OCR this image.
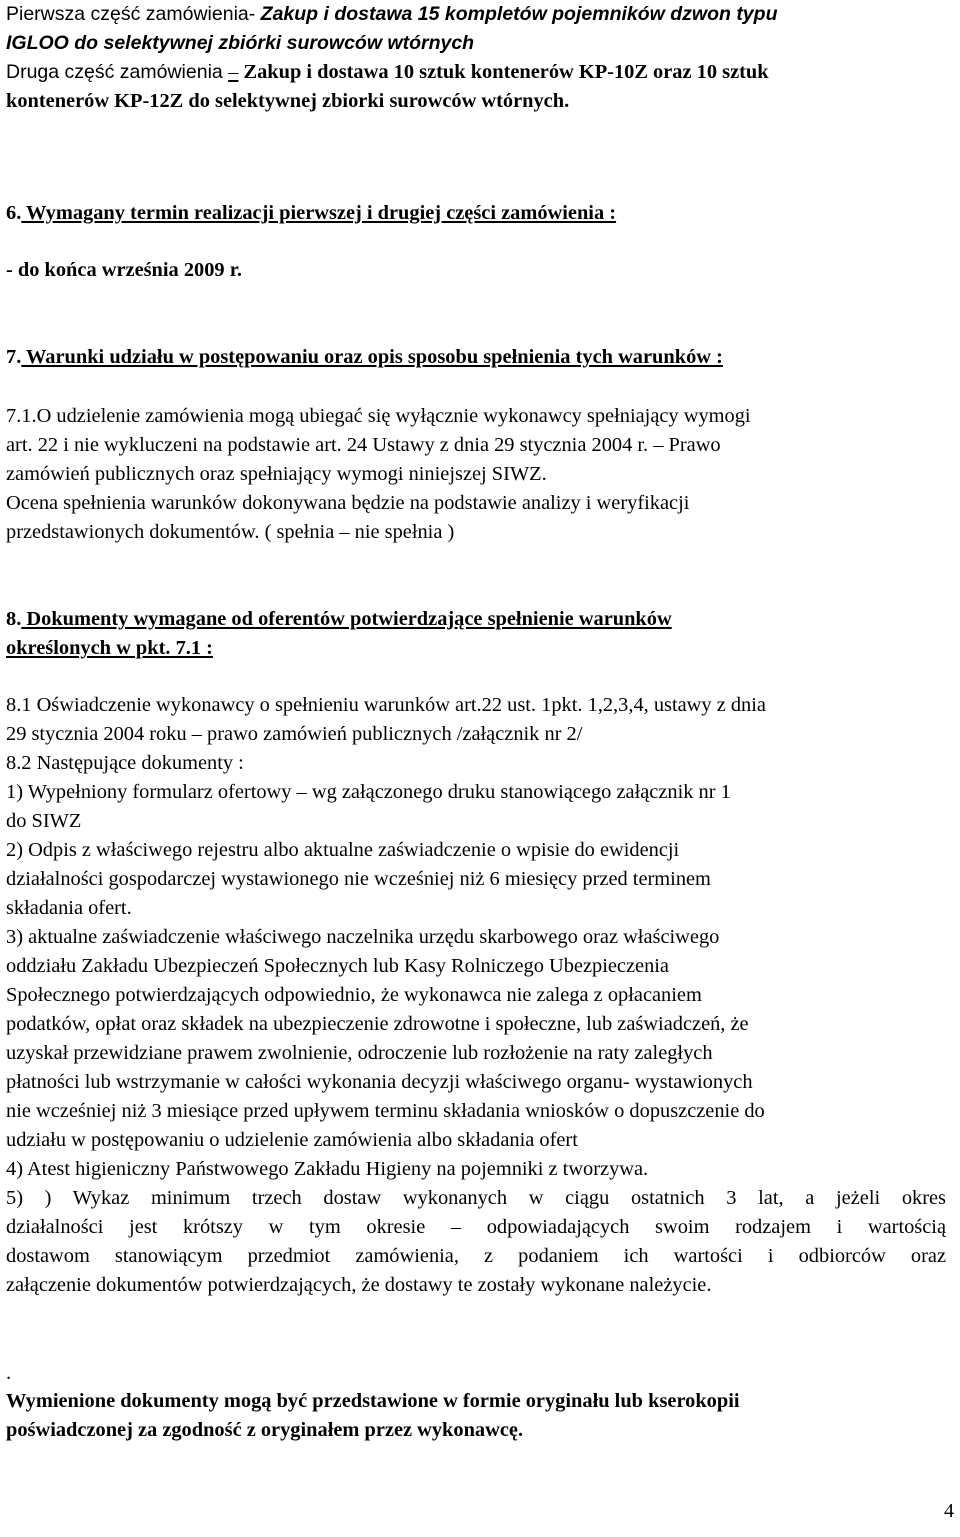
Pierwsza część zamówienia- Zakup i dostawa 15 kompletów pojemników dzwon typu
IGLOO do selektywnej zbiórki surowców wtórnych
Druga część zamówienia – Zakup i dostawa 10 sztuk kontenerów KP-10Z oraz 10 sztuk
kontenerów KP-12Z do selektywnej zbiorki surowców wtórnych.
6. Wymagany termin realizacji pierwszej i drugiej części zamówienia :
- do końca września 2009 r.
7. Warunki udziału w postępowaniu oraz opis sposobu spełnienia tych warunków :
7.1.O udzielenie zamówienia mogą ubiegać się wyłącznie wykonawcy spełniający wymogi
art. 22 i nie wykluczeni na podstawie art. 24 Ustawy z dnia 29 stycznia 2004 r. – Prawo
zamówień publicznych oraz spełniający wymogi niniejszej SIWZ.
Ocena spełnienia warunków dokonywana będzie na podstawie analizy i weryfikacji
przedstawionych dokumentów. ( spełnia – nie spełnia )
8. Dokumenty wymagane od oferentów potwierdzające spełnienie warunków
określonych w pkt. 7.1 :
8.1 Oświadczenie wykonawcy o spełnieniu warunków art.22 ust. 1pkt. 1,2,3,4, ustawy z dnia
29 stycznia 2004 roku – prawo zamówień publicznych /załącznik nr 2/
8.2 Następujące dokumenty :
1) Wypełniony formularz ofertowy – wg załączonego druku stanowiącego załącznik nr 1
do SIWZ
2) Odpis z właściwego rejestru albo aktualne zaświadczenie o wpisie do ewidencji
działalności gospodarczej wystawionego nie wcześniej niż 6 miesięcy przed terminem
składania ofert.
3) aktualne zaświadczenie właściwego naczelnika urzędu skarbowego oraz właściwego
oddziału Zakładu Ubezpieczeń Społecznych lub Kasy Rolniczego Ubezpieczenia
Społecznego potwierdzających odpowiednio, że wykonawca nie zalega z opłacaniem
podatków, opłat oraz składek na ubezpieczenie zdrowotne i społeczne, lub zaświadczeń, że
uzyskał przewidziane prawem zwolnienie, odroczenie lub rozłożenie na raty zaległych
płatności lub wstrzymanie w całości wykonania decyzji właściwego organu- wystawionych
nie wcześniej niż 3 miesiące przed upływem terminu składania wniosków o dopuszczenie do
udziału w postępowaniu o udzielenie zamówienia albo składania ofert
4) Atest higieniczny Państwowego Zakładu Higieny na pojemniki z tworzywa.
5) ) Wykaz minimum trzech dostaw wykonanych w ciągu ostatnich 3 lat, a jeżeli okres
działalności jest krótszy w tym okresie – odpowiadających swoim rodzajem i wartością
dostawom stanowiącym przedmiot zamówienia, z podaniem ich wartości i odbiorców oraz
załączenie dokumentów potwierdzających, że dostawy te zostały wykonane należycie.
.
Wymienione dokumenty mogą być przedstawione w formie oryginału lub kserokopii
poświadczonej za zgodność z oryginałem przez wykonawcę.
4
